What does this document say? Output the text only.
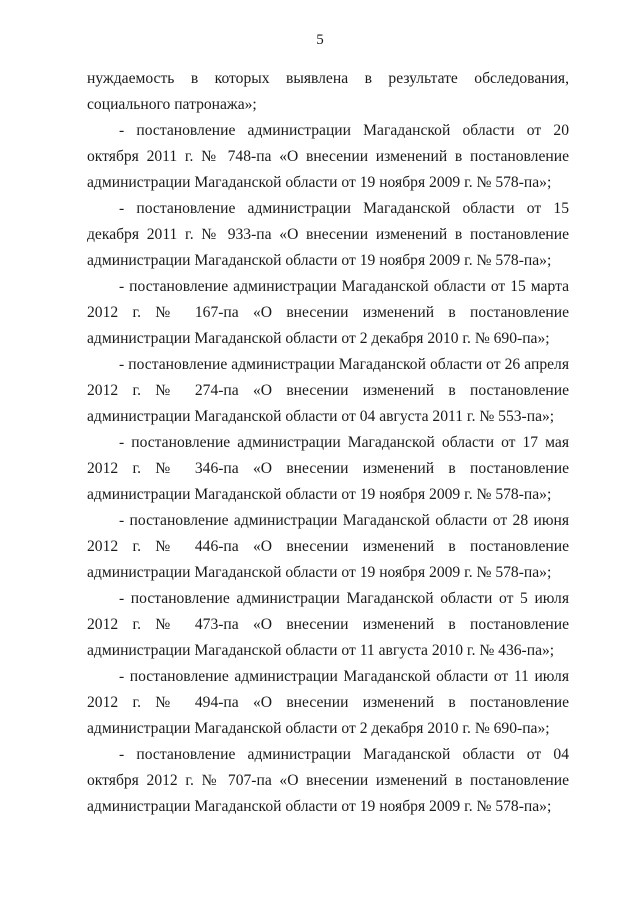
5

нуждаемость в которых выявлена в результате обследования, социального патронажа»;

- постановление администрации Магаданской области от 20 октября 2011 г. № 748-па «О внесении изменений в постановление администрации Магаданской области от 19 ноября 2009 г. № 578-па»;

- постановление администрации Магаданской области от 15 декабря 2011 г. № 933-па «О внесении изменений в постановление администрации Магаданской области от 19 ноября 2009 г. № 578-па»;

- постановление администрации Магаданской области от 15 марта 2012 г. № 167-па «О внесении изменений в постановление администрации Магаданской области от 2 декабря 2010 г. № 690-па»;

- постановление администрации Магаданской области от 26 апреля 2012 г. № 274-па «О внесении изменений в постановление администрации Магаданской области от 04 августа 2011 г. № 553-па»;

- постановление администрации Магаданской области от 17 мая 2012 г. № 346-па «О внесении изменений в постановление администрации Магаданской области от 19 ноября 2009 г. № 578-па»;

- постановление администрации Магаданской области от 28 июня 2012 г. № 446-па «О внесении изменений в постановление администрации Магаданской области от 19 ноября 2009 г. № 578-па»;

- постановление администрации Магаданской области от 5 июля 2012 г. № 473-па «О внесении изменений в постановление администрации Магаданской области от 11 августа 2010 г. № 436-па»;

- постановление администрации Магаданской области от 11 июля 2012 г. № 494-па «О внесении изменений в постановление администрации Магаданской области от 2 декабря 2010 г. № 690-па»;

- постановление администрации Магаданской области от 04 октября 2012 г. № 707-па «О внесении изменений в постановление администрации Магаданской области от 19 ноября 2009 г. № 578-па»;
